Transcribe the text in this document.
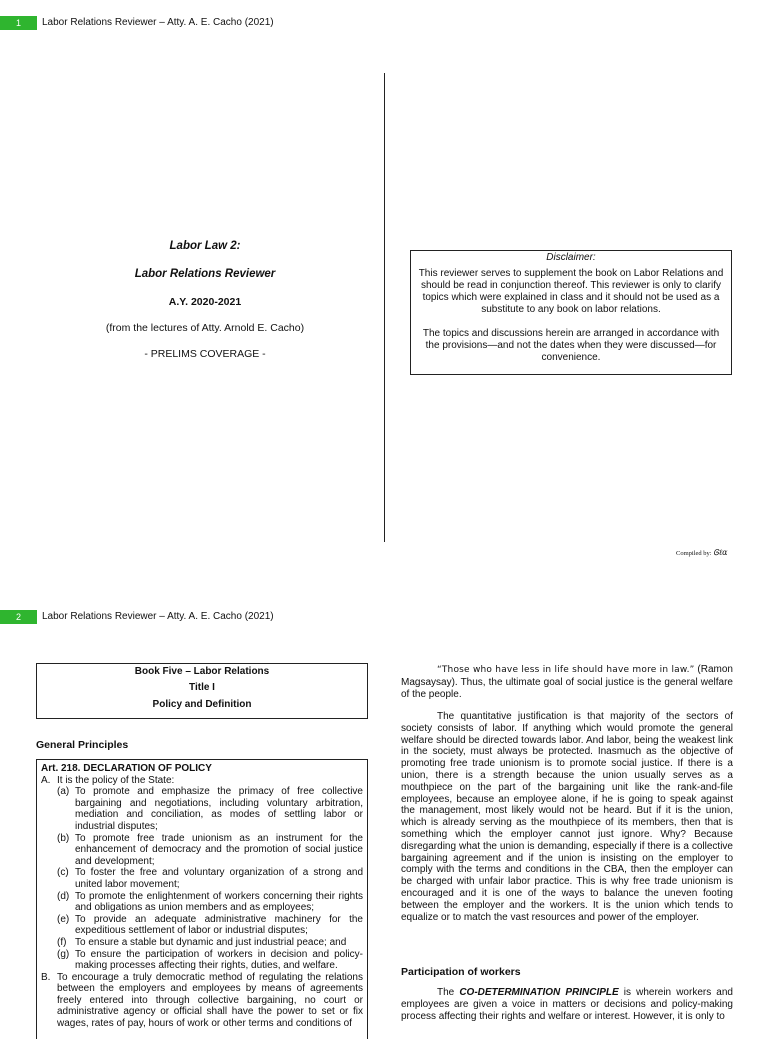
1	Labor Relations Reviewer – Atty. A. E. Cacho (2021)
Labor Law 2:
Labor Relations Reviewer
A.Y. 2020-2021
(from the lectures of Atty. Arnold E. Cacho)
- PRELIMS COVERAGE -
Disclaimer:
This reviewer serves to supplement the book on Labor Relations and should be read in conjunction thereof. This reviewer is only to clarify topics which were explained in class and it should not be used as a substitute to any book on labor relations.
The topics and discussions herein are arranged in accordance with the provisions—and not the dates when they were discussed—for convenience.
Compiled by: Ꮆℓɑ
2	Labor Relations Reviewer – Atty. A. E. Cacho (2021)
Book Five – Labor Relations
Title I
Policy and Definition
General Principles
Art. 218. DECLARATION OF POLICY
A. It is the policy of the State:
(a) To promote and emphasize the primacy of free collective bargaining and negotiations, including voluntary arbitration, mediation and conciliation, as modes of settling labor or industrial disputes;
(b) To promote free trade unionism as an instrument for the enhancement of democracy and the promotion of social justice and development;
(c) To foster the free and voluntary organization of a strong and united labor movement;
(d) To promote the enlightenment of workers concerning their rights and obligations as union members and as employees;
(e) To provide an adequate administrative machinery for the expeditious settlement of labor or industrial disputes;
(f) To ensure a stable but dynamic and just industrial peace; and
(g) To ensure the participation of workers in decision and policy-making processes affecting their rights, duties, and welfare.
B. To encourage a truly democratic method of regulating the relations between the employers and employees by means of agreements freely entered into through collective bargaining, no court or administrative agency or official shall have the power to set or fix wages, rates of pay, hours of work or other terms and conditions of
“Those who have less in life should have more in law.” (Ramon Magsaysay). Thus, the ultimate goal of social justice is the general welfare of the people.
The quantitative justification is that majority of the sectors of society consists of labor. If anything which would promote the general welfare should be directed towards labor. And labor, being the weakest link in the society, must always be protected. Inasmuch as the objective of promoting free trade unionism is to promote social justice. If there is a union, there is a strength because the union usually serves as a mouthpiece on the part of the bargaining unit like the rank-and-file employees, because an employee alone, if he is going to speak against the management, most likely would not be heard. But if it is the union, which is already serving as the mouthpiece of its members, then that is something which the employer cannot just ignore. Why? Because disregarding what the union is demanding, especially if there is a collective bargaining agreement and if the union is insisting on the employer to comply with the terms and conditions in the CBA, then the employer can be charged with unfair labor practice. This is why free trade unionism is encouraged and it is one of the ways to balance the uneven footing between the employer and the workers. It is the union which tends to equalize or to match the vast resources and power of the employer.
Participation of workers
The CO-DETERMINATION PRINCIPLE is wherein workers and employees are given a voice in matters or decisions and policy-making process affecting their rights and welfare or interest. However, it is only to
